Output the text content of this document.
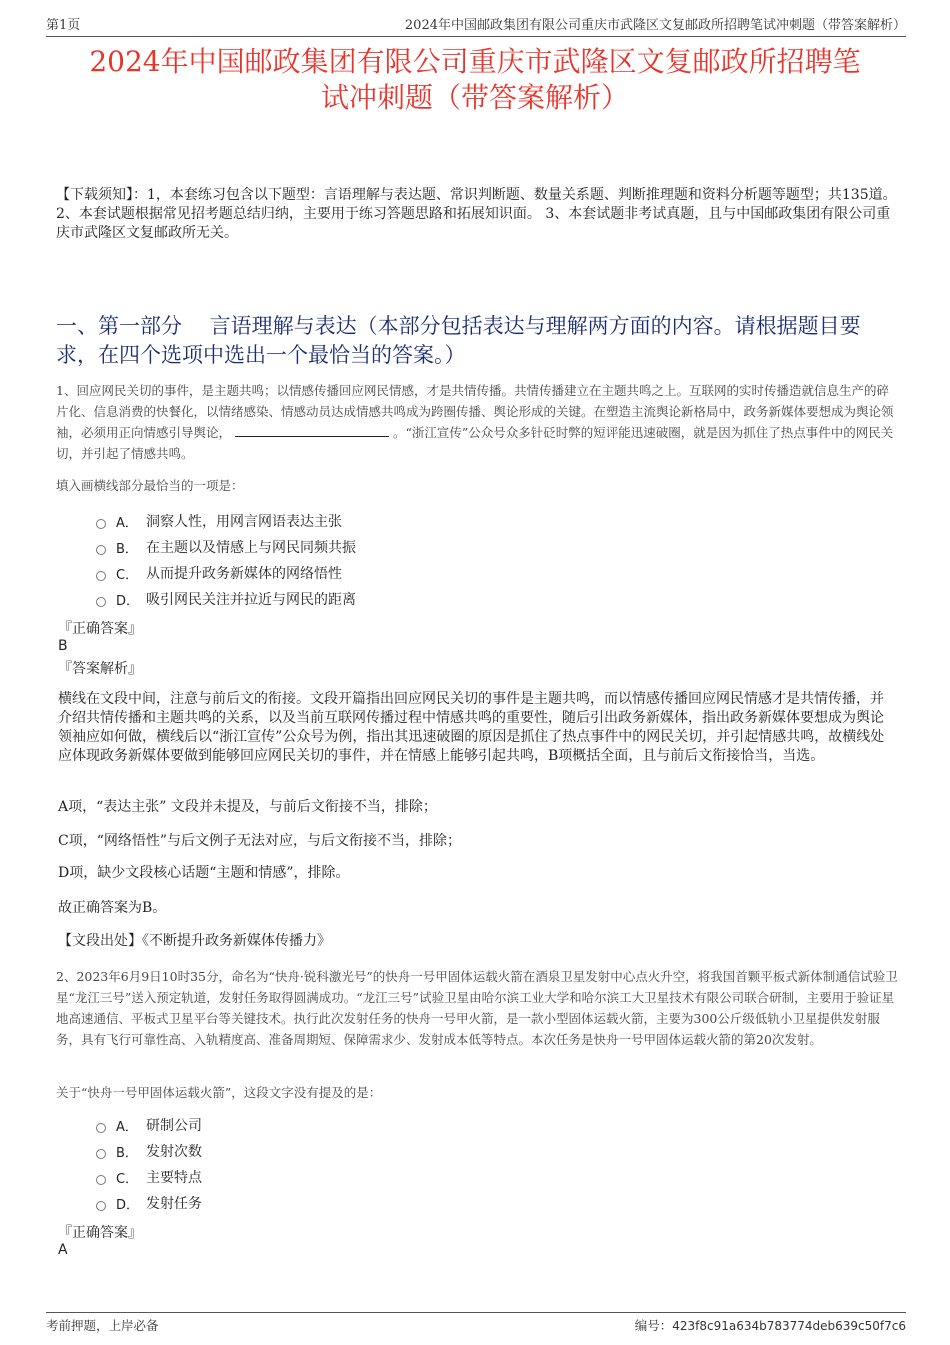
第1页	2024年中国邮政集团有限公司重庆市武隆区文复邮政所招聘笔试冲刺题（带答案解析）
2024年中国邮政集团有限公司重庆市武隆区文复邮政所招聘笔
试冲刺题（带答案解析）
【下载须知】：1，本套练习包含以下题型：言语理解与表达题、常识判断题、数量关系题、判断推理题和资料分析题等题型；共135道。 2、本套试题根据常见招考题总结归纳，主要用于练习答题思路和拓展知识面。 3、本套试题非考试真题，且与中国邮政集团有限公司重庆市武隆区文复邮政所无关。
一、第一部分　 言语理解与表达（本部分包括表达与理解两方面的内容。请根据题目要求，在四个选项中选出一个最恰当的答案。）
1、回应网民关切的事件，是主题共鸣；以情感传播回应网民情感，才是共情传播。共情传播建立在主题共鸣之上。互联网的实时传播造就信息生产的碎片化、信息消费的快餐化，以情绪感染、情感动员达成情感共鸣成为跨圈传播、舆论形成的关键。在塑造主流舆论新格局中，政务新媒体要想成为舆论领袖，必须用正向情感引导舆论，	。“浙江宣传”公众号众多针砭时弊的短评能迅速破圈，就是因为抓住了热点事件中的网民关切，并引起了情感共鸣。
填入画横线部分最恰当的一项是：
A． 洞察人性，用网言网语表达主张
B． 在主题以及情感上与网民同频共振
C． 从而提升政务新媒体的网络悟性
D． 吸引网民关注并拉近与网民的距离
『正确答案』
B
『答案解析』
横线在文段中间，注意与前后文的衔接。文段开篇指出回应网民关切的事件是主题共鸣，而以情感传播回应网民情感才是共情传播，并介绍共情传播和主题共鸣的关系，以及当前互联网传播过程中情感共鸣的重要性，随后引出政务新媒体，指出政务新媒体要想成为舆论领袖应如何做，横线后以“浙江宣传”公众号为例，指出其迅速破圈的原因是抓住了热点事件中的网民关切，并引起情感共鸣，故横线处应体现政务新媒体要做到能够回应网民关切的事件，并在情感上能够引起共鸣，B项概括全面，且与前后文衔接恰当，当选。
A项，“表达主张” 文段并未提及，与前后文衔接不当，排除；
C项，“网络悟性”与后文例子无法对应，与后文衔接不当，排除；
D项，缺少文段核心话题“主题和情感”，排除。
故正确答案为B。
【文段出处】《不断提升政务新媒体传播力》
2、2023年6月9日10时35分，命名为“快舟·锐科激光号”的快舟一号甲固体运载火箭在酒泉卫星发射中心点火升空，将我国首颗平板式新体制通信试验卫星“龙江三号”送入预定轨道，发射任务取得圆满成功。“龙江三号”试验卫星由哈尔滨工业大学和哈尔滨工大卫星技术有限公司联合研制，主要用于验证星地高速通信、平板式卫星平台等关键技术。执行此次发射任务的快舟一号甲火箭，是一款小型固体运载火箭，主要为300公斤级低轨小卫星提供发射服务，具有飞行可靠性高、入轨精度高、准备周期短、保障需求少、发射成本低等特点。本次任务是快舟一号甲固体运载火箭的第20次发射。
关于“快舟一号甲固体运载火箭”，这段文字没有提及的是：
A． 研制公司
B． 发射次数
C． 主要特点
D． 发射任务
『正确答案』
A
考前押题，上岸必备	编号：423f8c91a634b783774deb639c50f7c6
